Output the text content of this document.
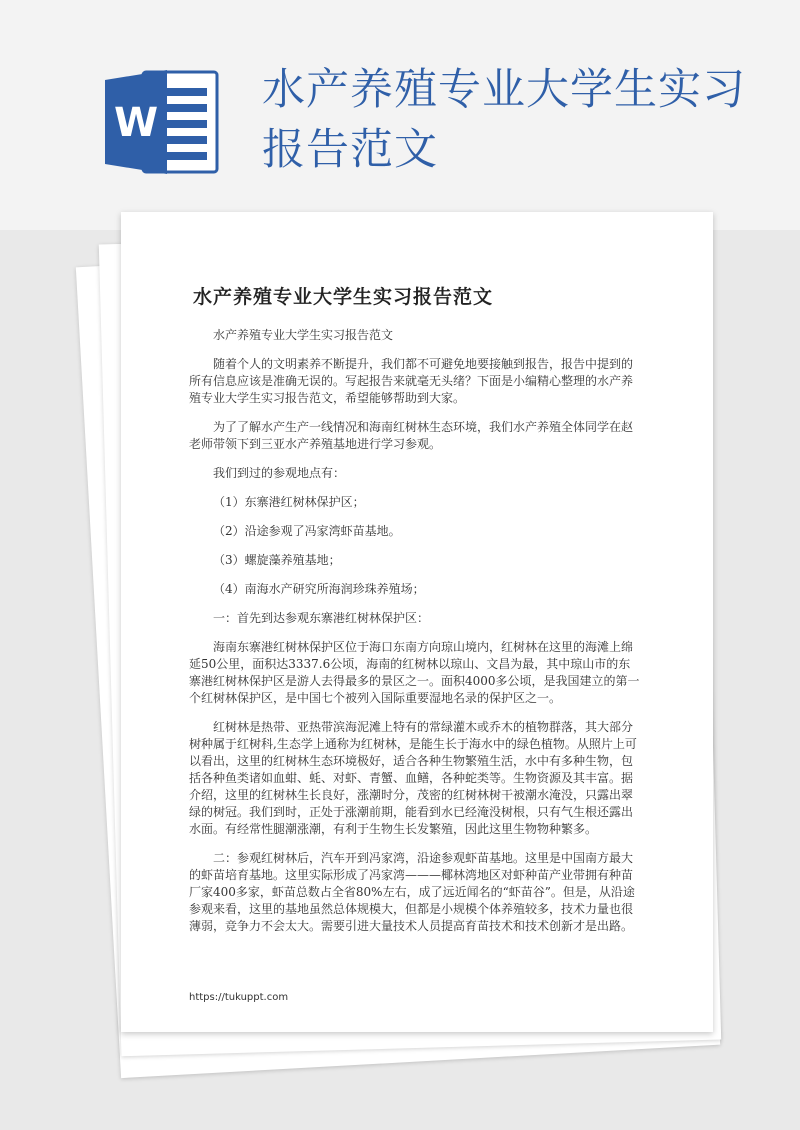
W
水产养殖专业大学生实习报告范文
水产养殖专业大学生实习报告范文

水产养殖专业大学生实习报告范文

随着个人的文明素养不断提升，我们都不可避免地要接触到报告，报告中提到的所有信息应该是准确无误的。写起报告来就毫无头绪？下面是小编精心整理的水产养殖专业大学生实习报告范文，希望能够帮助到大家。

为了了解水产生产一线情况和海南红树林生态环境，我们水产养殖全体同学在赵老师带领下到三亚水产养殖基地进行学习参观。

我们到过的参观地点有：

（1）东寨港红树林保护区；

（2）沿途参观了冯家湾虾苗基地。

（3）螺旋藻养殖基地；

（4）南海水产研究所海润珍珠养殖场；

一：首先到达参观东寨港红树林保护区：

海南东寨港红树林保护区位于海口东南方向琼山境内，红树林在这里的海滩上绵延50公里，面积达3337.6公顷，海南的红树林以琼山、文昌为最，其中琼山市的东寨港红树林保护区是游人去得最多的景区之一。面积4000多公顷，是我国建立的第一个红树林保护区，是中国七个被列入国际重要湿地名录的保护区之一。

红树林是热带、亚热带滨海泥滩上特有的常绿灌木或乔木的植物群落，其大部分树种属于红树科,生态学上通称为红树林，是能生长于海水中的绿色植物。从照片上可以看出，这里的红树林生态环境极好，适合各种生物繁殖生活，水中有多种生物，包括各种鱼类诸如血蚶、蚝、对虾、青蟹、血鳝，各种蛇类等。生物资源及其丰富。据介绍，这里的红树林生长良好，涨潮时分，茂密的红树林树干被潮水淹没，只露出翠绿的树冠。我们到时，正处于涨潮前期，能看到水已经淹没树根，只有气生根还露出水面。有经常性腿潮涨潮，有利于生物生长发繁殖，因此这里生物物种繁多。

二：参观红树林后，汽车开到冯家湾，沿途参观虾苗基地。这里是中国南方最大的虾苗培育基地。这里实际形成了冯家湾———椰林湾地区对虾种苗产业带拥有种苗厂家400多家，虾苗总数占全省80%左右，成了远近闻名的“虾苗谷”。但是，从沿途参观来看，这里的基地虽然总体规模大，但都是小规模个体养殖较多，技术力量也很薄弱，竞争力不会太大。需要引进大量技术人员提高育苗技术和技术创新才是出路。

https://tukuppt.com
